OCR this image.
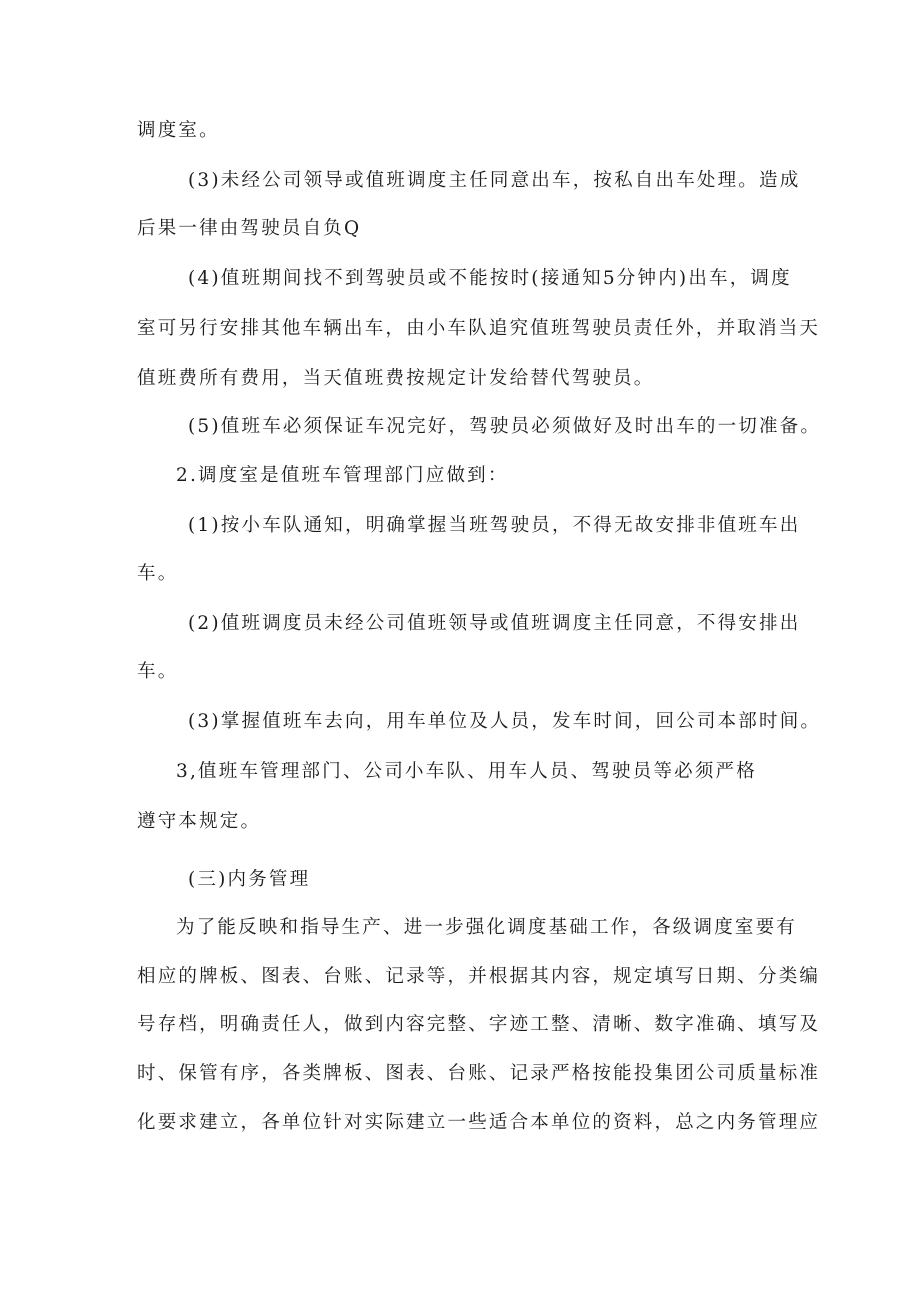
调度室。
(3)未经公司领导或值班调度主任同意出车，按私自出车处理。造成
后果一律由驾驶员自负Q
(4)值班期间找不到驾驶员或不能按时(接通知5分钟内)出车，调度
室可另行安排其他车辆出车，由小车队追究值班驾驶员责任外，并取消当天
值班费所有费用，当天值班费按规定计发给替代驾驶员。
(5)值班车必须保证车况完好，驾驶员必须做好及时出车的一切准备。
2.调度室是值班车管理部门应做到：
(1)按小车队通知，明确掌握当班驾驶员，不得无故安排非值班车出
车。
(2)值班调度员未经公司值班领导或值班调度主任同意，不得安排出
车。
(3)掌握值班车去向，用车单位及人员，发车时间，回公司本部时间。
3,值班车管理部门、公司小车队、用车人员、驾驶员等必须严格
遵守本规定。
(三)内务管理
为了能反映和指导生产、进一步强化调度基础工作，各级调度室要有
相应的牌板、图表、台账、记录等，并根据其内容，规定填写日期、分类编
号存档，明确责任人，做到内容完整、字迹工整、清晰、数字准确、填写及
时、保管有序，各类牌板、图表、台账、记录严格按能投集团公司质量标准
化要求建立，各单位针对实际建立一些适合本单位的资料，总之内务管理应
